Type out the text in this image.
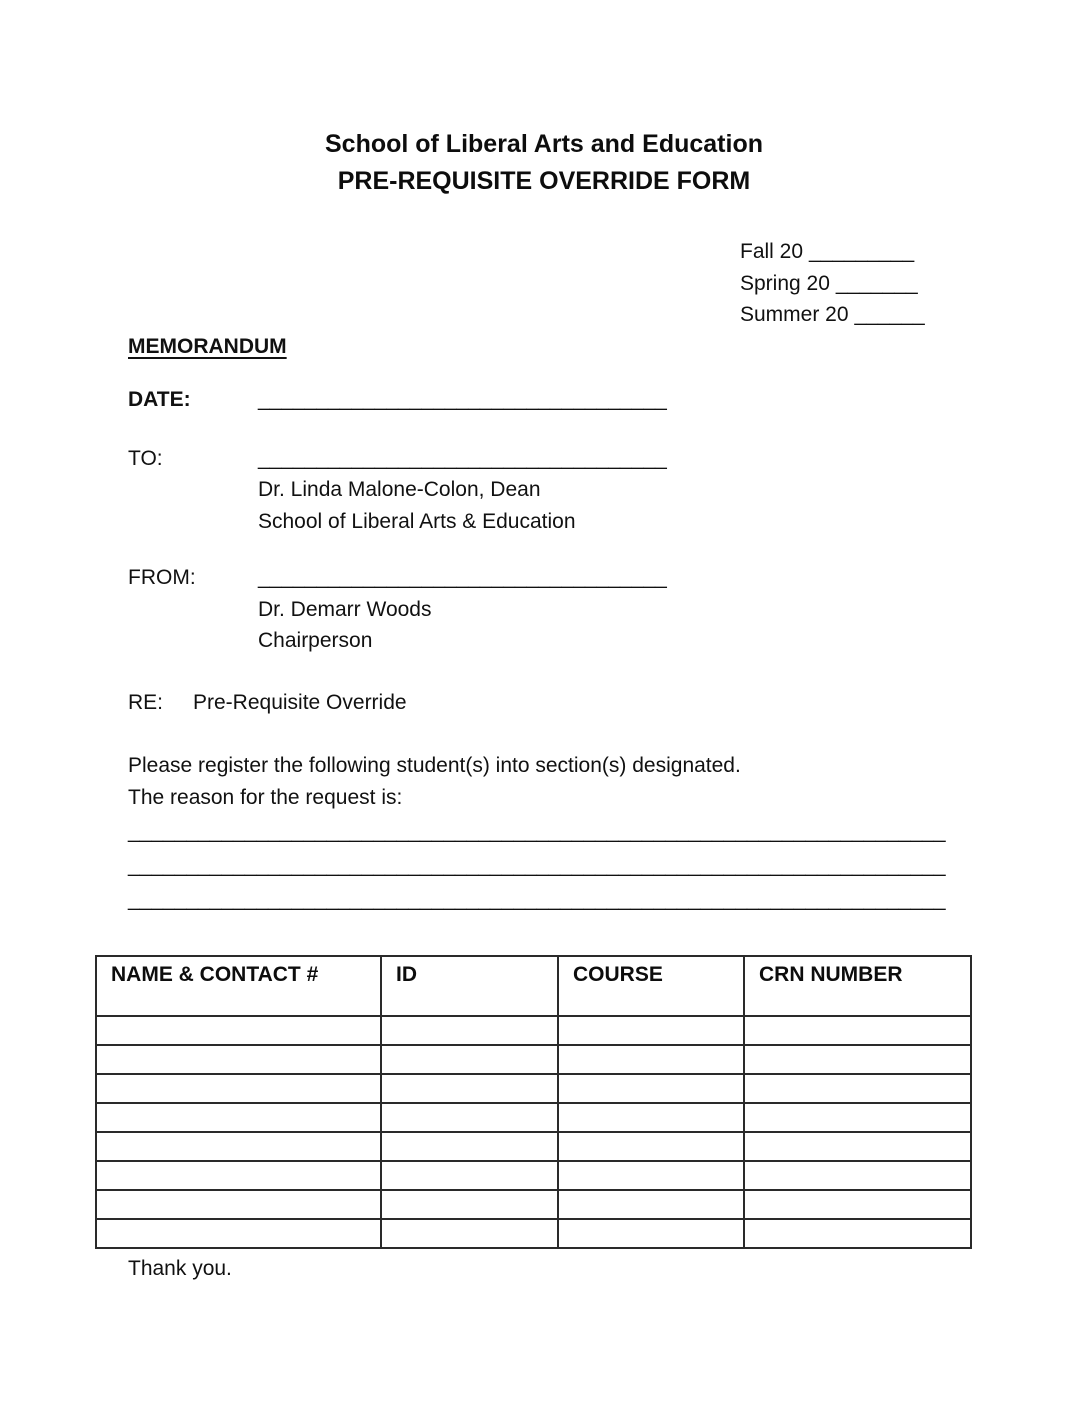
School of Liberal Arts and Education
PRE-REQUISITE OVERRIDE FORM
Fall 20 _________
Spring 20 _______
Summer 20 ______
MEMORANDUM
DATE:	___________________________________
TO:	___________________________________
Dr. Linda Malone-Colon, Dean
School of Liberal Arts & Education
FROM:	___________________________________
Dr. Demarr Woods
Chairperson
RE:	Pre-Requisite Override
Please register the following student(s) into section(s) designated.
The reason for the request is:
______________________________________________________________________
______________________________________________________________________
______________________________________________________________________
NAME & CONTACT #	ID	COURSE	CRN NUMBER

Thank you.
